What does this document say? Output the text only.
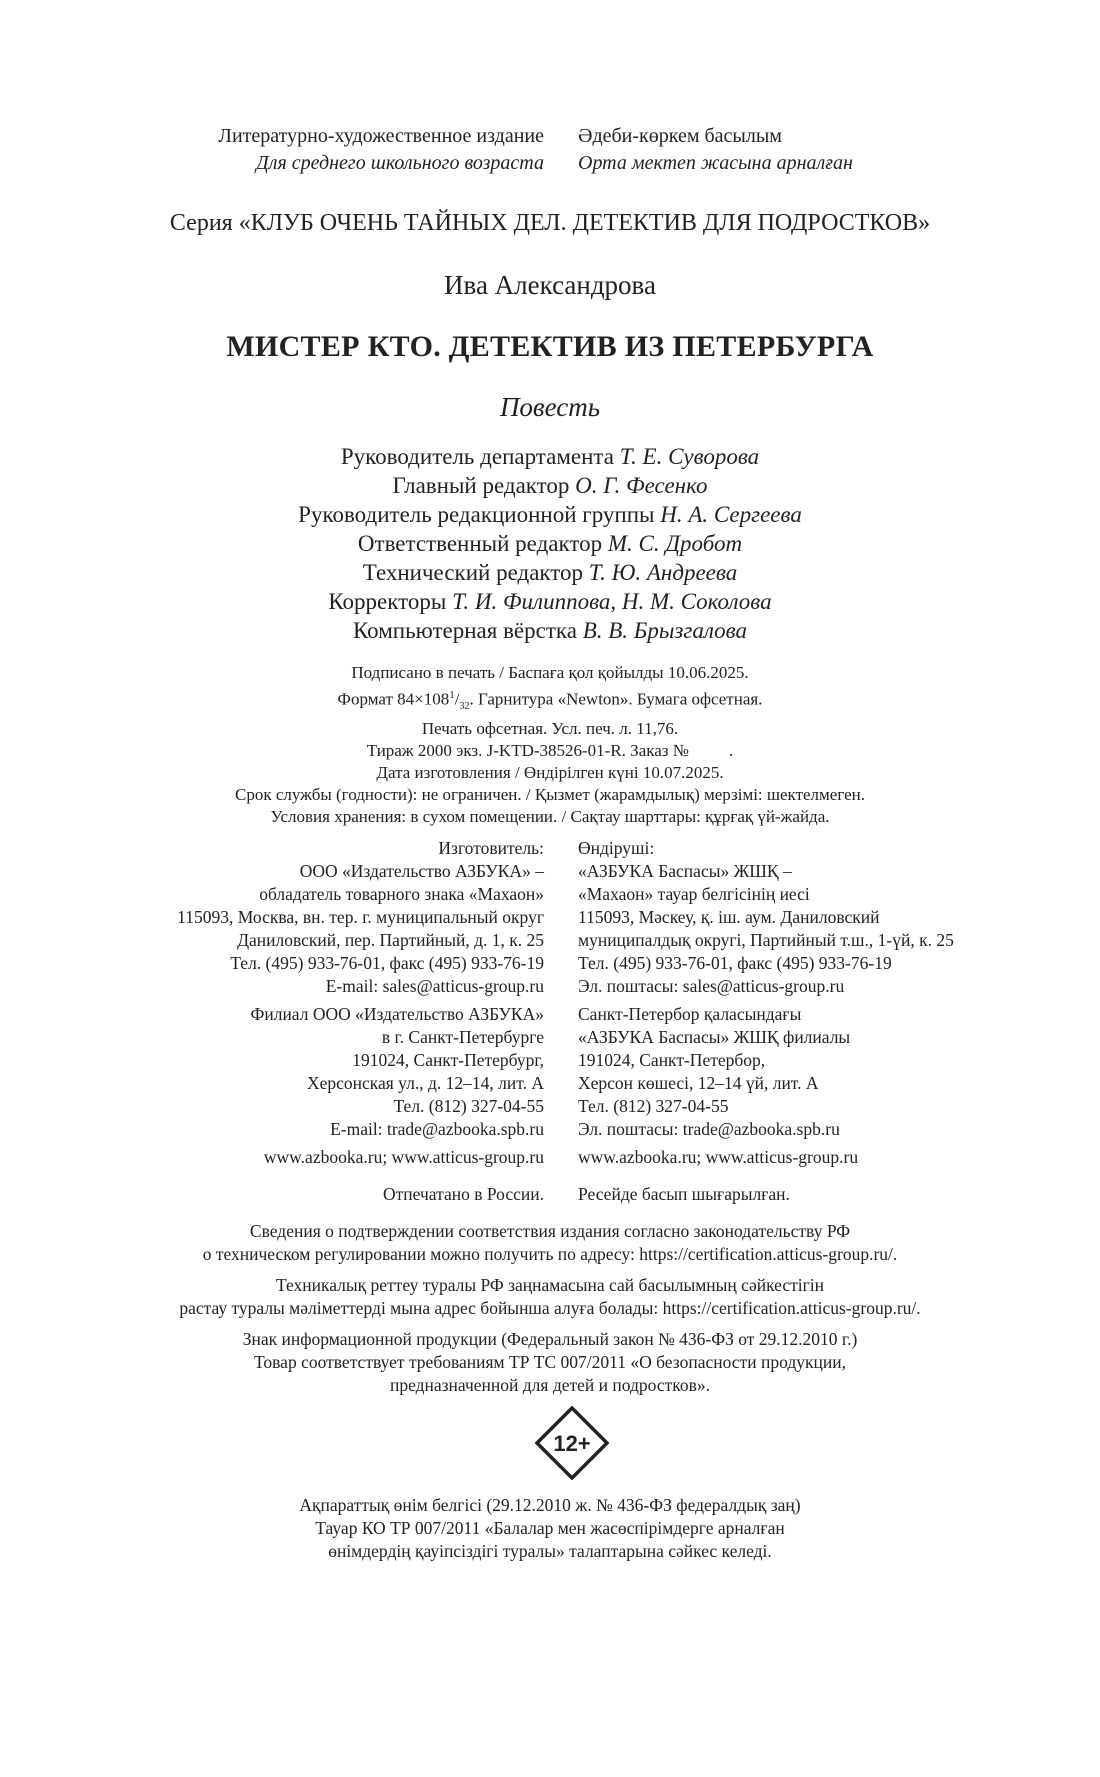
Литературно-художественное издание
Для среднего школьного возраста
Әдеби-көркем басылым
Орта мектеп жасына арналған
Серия «КЛУБ ОЧЕНЬ ТАЙНЫХ ДЕЛ. ДЕТЕКТИВ ДЛЯ ПОДРОСТКОВ»
Ива Александрова
МИСТЕР КТО. ДЕТЕКТИВ ИЗ ПЕТЕРБУРГА
Повесть
Руководитель департамента Т. Е. Суворова
Главный редактор О. Г. Фесенко
Руководитель редакционной группы Н. А. Сергеева
Ответственный редактор М. С. Дробот
Технический редактор Т. Ю. Андреева
Корректоры Т. И. Филиппова, Н. М. Соколова
Компьютерная вёрстка В. В. Брызгалова
Подписано в печать / Баспаға қол қойылды 10.06.2025.
Формат $84\times 108^1/_{32}$. Гарнитура «Newton». Бумага офсетная.
Печать офсетная. Усл. печ. л. 11,76.
Тираж 2000 экз. J-KTD-38526-01-R. Заказ № .
Дата изготовления / Өндірілген күні 10.07.2025.
Срок службы (годности): не ограничен. / Қызмет (жарамдылық) мерзімі: шектелмеген.
Условия хранения: в сухом помещении. / Сақтау шарттары: құрғақ үй-жайда.
Изготовитель:
ООО «Издательство АЗБУКА» –
обладатель товарного знака «Махаон»
115093, Москва, вн. тер. г. муниципальный округ
Даниловский, пер. Партийный, д. 1, к. 25
Тел. (495) 933-76-01, факс (495) 933-76-19
E-mail: sales@atticus-group.ru
Өндіруші:
«АЗБУКА Баспасы» ЖШҚ –
«Махаон» тауар белгісінің иесі
115093, Мәскеу, қ. іш. аум. Даниловский
муниципалдық округі, Партийный т.ш., 1-үй, к. 25
Тел. (495) 933-76-01, факс (495) 933-76-19
Эл. поштасы: sales@atticus-group.ru
Филиал ООО «Издательство АЗБУКА»
в г. Санкт-Петербурге
191024, Санкт-Петербург,
Херсонская ул., д. 12–14, лит. А
Тел. (812) 327-04-55
E-mail: trade@azbooka.spb.ru
Санкт-Петербор қаласындағы
«АЗБУКА Баспасы» ЖШҚ филиалы
191024, Санкт-Петербор,
Херсон көшесі, 12–14 үй, лит. А
Тел. (812) 327-04-55
Эл. поштасы: trade@azbooka.spb.ru
www.azbooka.ru; www.atticus-group.ru www.azbooka.ru; www.atticus-group.ru
Отпечатано в России. Ресейде басып шығарылған.
Сведения о подтверждении соответствия издания согласно законодательству РФ
о техническом регулировании можно получить по адресу: https://certification.atticus-group.ru/.
Техникалық реттеу туралы РФ заңнамасына сай басылымның сәйкестігін
растау туралы мәліметтерді мына адрес бойынша алуға болады: https://certification.atticus-group.ru/.
Знак информационной продукции (Федеральный закон № 436-ФЗ от 29.12.2010 г.)
Товар соответствует требованиям ТР ТС 007/2011 «О безопасности продукции,
предназначенной для детей и подростков».
12+
Ақпараттық өнім белгісі (29.12.2010 ж. № 436-ФЗ федералдық заң)
Тауар КО ТР 007/2011 «Балалар мен жасөспірімдерге арналған
өнімдердің қауіпсіздігі туралы» талаптарына сәйкес келеді.
